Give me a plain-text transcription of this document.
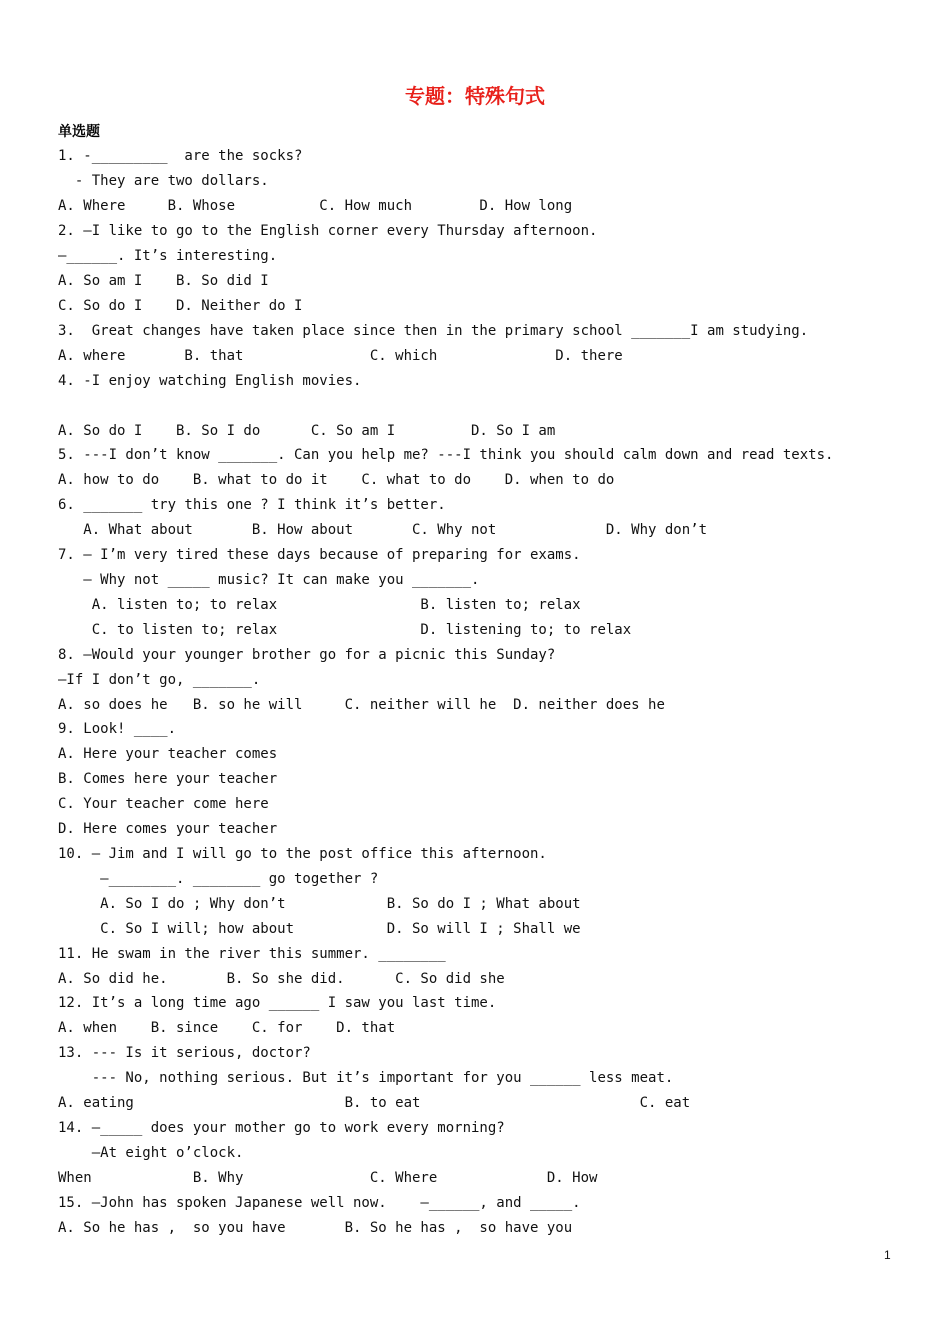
专题：特殊句式
单选题
1. -_________  are the socks?
- They are two dollars.
A. Where     B. Whose          C. How much        D. How long
2. —I like to go to the English corner every Thursday afternoon.
—______. It’s interesting.
A. So am I    B. So did I
C. So do I    D. Neither do I
3.  Great changes have taken place since then in the primary school _______I am studying.
A. where       B. that               C. which              D. there
4. -I enjoy watching English movies.
A. So do I    B. So I do      C. So am I         D. So I am
5. ---I don’t know _______. Can you help me? ---I think you should calm down and read texts.
A. how to do    B. what to do it    C. what to do    D. when to do
6. _______ try this one ? I think it’s better.
A. What about       B. How about       C. Why not             D. Why don’t
7. — I’m very tired these days because of preparing for exams.
— Why not _____ music? It can make you _______.
A. listen to; to relax                 B. listen to; relax
C. to listen to; relax                 D. listening to; to relax
8. —Would your younger brother go for a picnic this Sunday?
—If I don’t go, _______.
A. so does he   B. so he will     C. neither will he  D. neither does he
9. Look! ____.
A. Here your teacher comes
B. Comes here your teacher
C. Your teacher come here
D. Here comes your teacher
10. — Jim and I will go to the post office this afternoon.
—________. ________ go together ?
A. So I do ; Why don’t            B. So do I ; What about
C. So I will; how about           D. So will I ; Shall we
11. He swam in the river this summer. ________
A. So did he.       B. So she did.      C. So did she
12. It’s a long time ago ______ I saw you last time.
A. when    B. since    C. for    D. that
13. --- Is it serious, doctor?
--- No, nothing serious. But it’s important for you ______ less meat.
A. eating                         B. to eat                          C. eat
14. —_____ does your mother go to work every morning?
—At eight o’clock.
When            B. Why               C. Where             D. How
15. —John has spoken Japanese well now.    —______, and _____.
A. So he has ,  so you have       B. So he has ,  so have you
1
